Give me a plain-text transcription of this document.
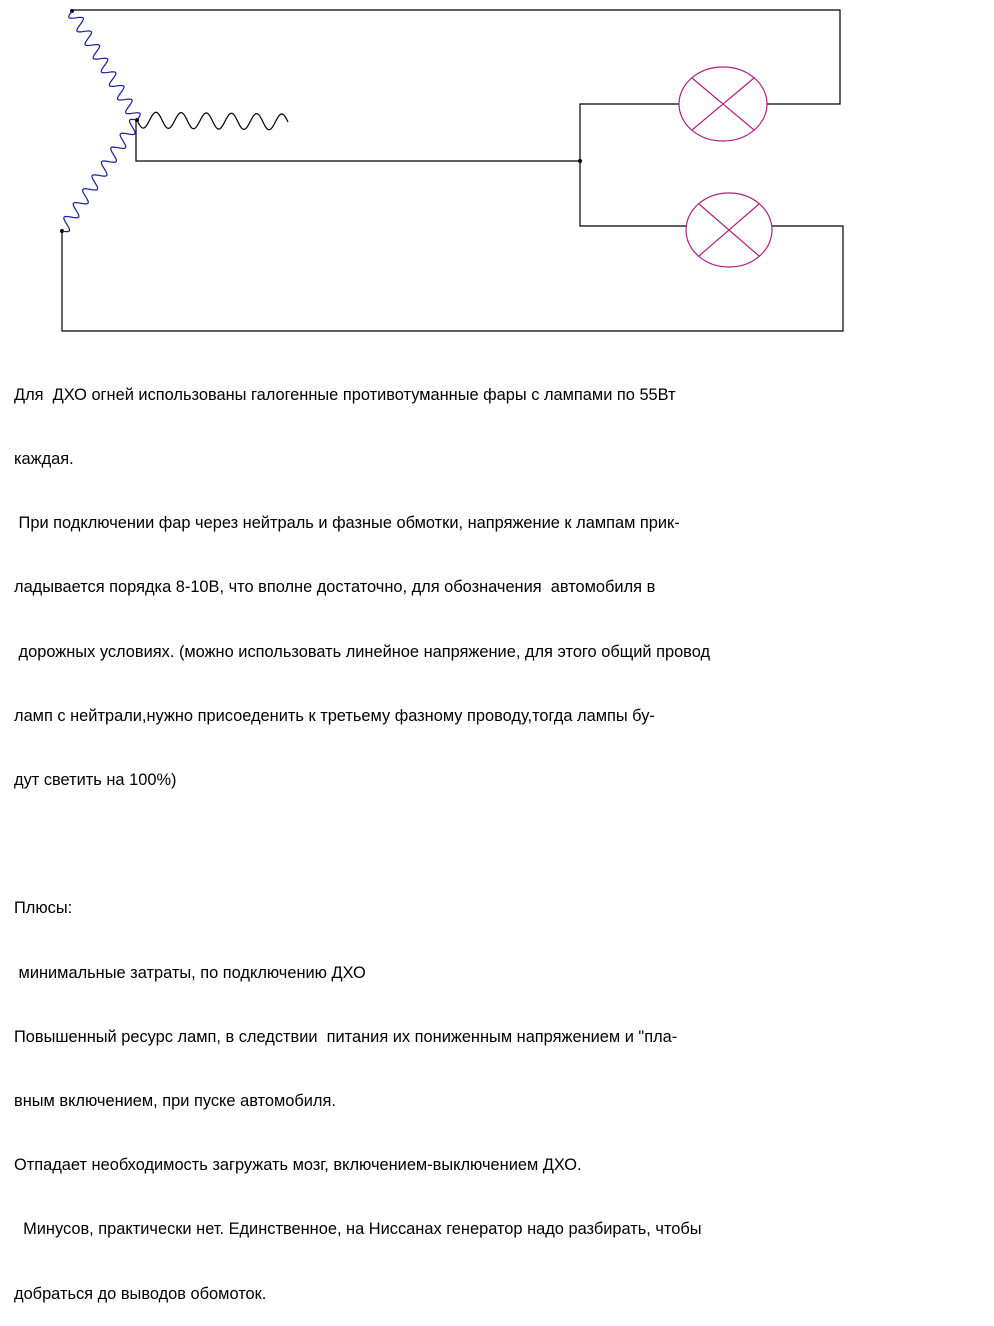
Для  ДХО огней использованы галогенные противотуманные фары с лампами по 55Вт

каждая.

При подключении фар через нейтраль и фазные обмотки, напряжение к лампам прик-

ладывается порядка 8-10В, что вполне достаточно, для обозначения  автомобиля в

дорожных условиях. (можно использовать линейное напряжение, для этого общий провод

ламп с нейтрали,нужно присоеденить к третьему фазному проводу,тогда лампы бу-

дут светить на 100%)

Плюсы:

минимальные затраты, по подключению ДХО

Повышенный ресурс ламп, в следствии  питания их пониженным напряжением и "пла-

вным включением, при пуске автомобиля.

Отпадает необходимость загружать мозг, включением-выключением ДХО.

Минусов, практически нет. Единственное, на Ниссанах генератор надо разбирать, чтобы

добраться до выводов обомоток.
